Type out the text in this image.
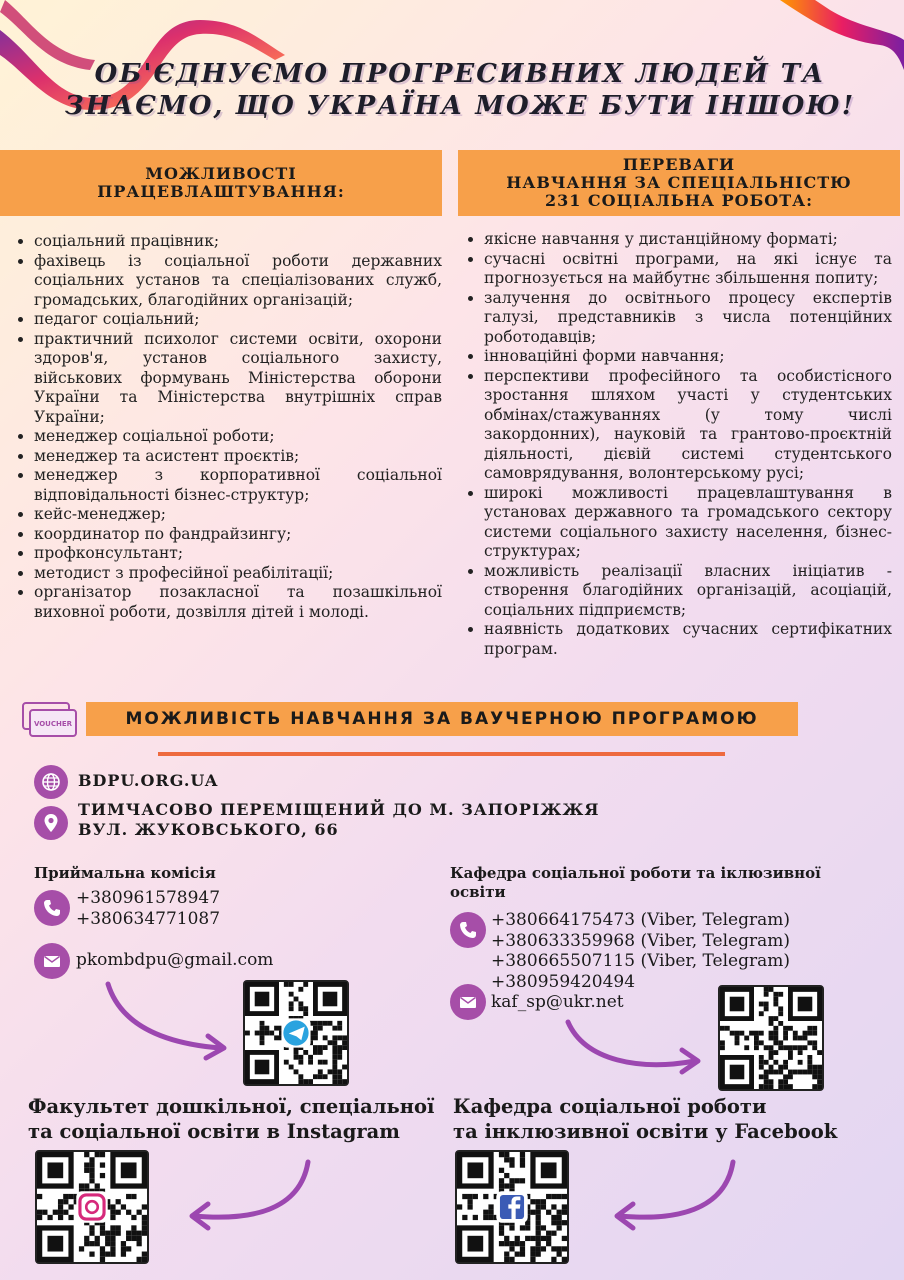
ОБ'ЄДНУЄМО ПРОГРЕСИВНИХ ЛЮДЕЙ ТА
ЗНАЄМО, ЩО УКРАЇНА МОЖЕ БУТИ ІНШОЮ!
МОЖЛИВОСТІ
ПРАЦЕВЛАШТУВАННЯ:
ПЕРЕВАГИ
НАВЧАННЯ ЗА СПЕЦІАЛЬНІСТЮ
231 СОЦІАЛЬНА РОБОТА:
• соціальний працівник;
• фахівець із соціальної роботи державних соціальних установ та спеціалізованих служб, громадських, благодійних організацій;
• педагог соціальний;
• практичний психолог системи освіти, охорони здоров'я, установ соціального захисту, військових формувань Міністерства оборони України та Міністерства внутрішніх справ України;
• менеджер соціальної роботи;
• менеджер та асистент проєктів;
• менеджер з корпоративної соціальної відповідальності бізнес-структур;
• кейс-менеджер;
• координатор по фандрайзингу;
• профконсультант;
• методист з професійної реабілітації;
• організатор позакласної та позашкільної виховної роботи, дозвілля дітей і молоді.
• якісне навчання у дистанційному форматі;
• сучасні освітні програми, на які існує та прогнозується на майбутнє збільшення попиту;
• залучення до освітнього процесу експертів галузі, представників з числа потенційних роботодавців;
• інноваційні форми навчання;
• перспективи професійного та особистісного зростання шляхом участі у студентських обмінах/стажуваннях (у тому числі закордонних), науковій та грантово-проєктній діяльності, дієвій системі студентського самоврядування, волонтерському русі;
• широкі можливості працевлаштування в установах державного та громадського сектору системи соціального захисту населення, бізнес-структурах;
• можливість реалізації власних ініціатив - створення благодійних організацій, асоціацій, соціальних підприємств;
• наявність додаткових сучасних сертифікатних програм.
VOUCHER	МОЖЛИВІСТЬ НАВЧАННЯ ЗА ВАУЧЕРНОЮ ПРОГРАМОЮ
BDPU.ORG.UA
ТИМЧАСОВО ПЕРЕМІЩЕНИЙ ДО М. ЗАПОРІЖЖЯ
ВУЛ. ЖУКОВСЬКОГО, 66
Приймальна комісія
+380961578947
+380634771087
pkombdpu@gmail.com
Кафедра соціальної роботи та іклюзивної
освіти
+380664175473 (Viber, Telegram)
+380633359968 (Viber, Telegram)
+380665507115 (Viber, Telegram)
+380959420494
kaf_sp@ukr.net
Факультет дошкільної, спеціальної
та соціальної освіти в Instagram
Кафедра соціальної роботи
та інклюзивної освіти у Facebook
